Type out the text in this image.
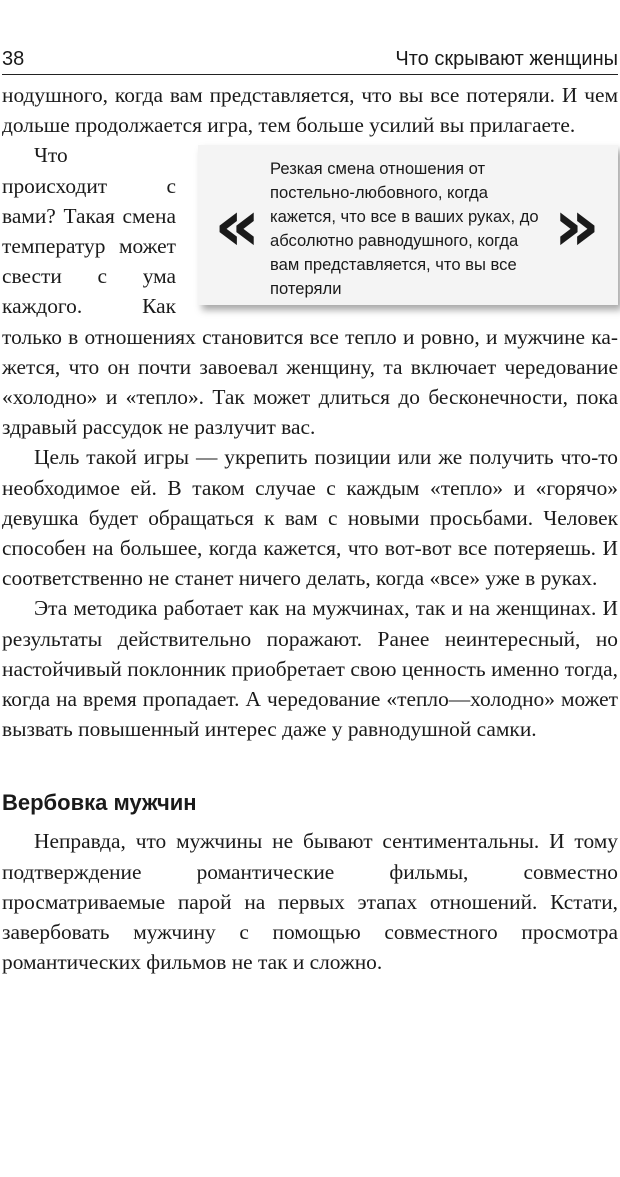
38	Что скрывают женщины

нодушного, когда вам представляется, что вы все потеряли. И чем дольше продолжается игра, тем больше усилий вы прилагаете.

«
Резкая смена отношения от постельно-любовного, когда кажется, что все в ваших руках, до абсолютно равнодушного, когда вам представляется, что вы все потеряли
»

Что происходит с вами? Такая смена температур может свести с ума каждого. Как только в отношениях становится все тепло и ровно, и мужчине кажется, что он почти завоевал женщину, та включает чередование «холодно» и «тепло». Так может длиться до бесконечности, пока здравый рассудок не разлучит вас.

Цель такой игры — укрепить позиции или же получить что-то необходимое ей. В таком случае с каждым «тепло» и «горячо» девушка будет обращаться к вам с новыми просьбами. Человек способен на большее, когда кажется, что вот-вот все потеряешь. И соответственно не станет ничего делать, когда «все» уже в руках.

Эта методика работает как на мужчинах, так и на женщинах. И результаты действительно поражают. Ранее неинтересный, но настойчивый поклонник приобретает свою ценность именно тогда, когда на время пропадает. А чередование «тепло—холодно» может вызвать повышенный интерес даже у равнодушной самки.

Вербовка мужчин

Неправда, что мужчины не бывают сентиментальны. И тому подтверждение романтические фильмы, совместно просматриваемые парой на первых этапах отношений. Кстати, завербовать мужчину с помощью совместного просмотра романтических фильмов не так и сложно.
